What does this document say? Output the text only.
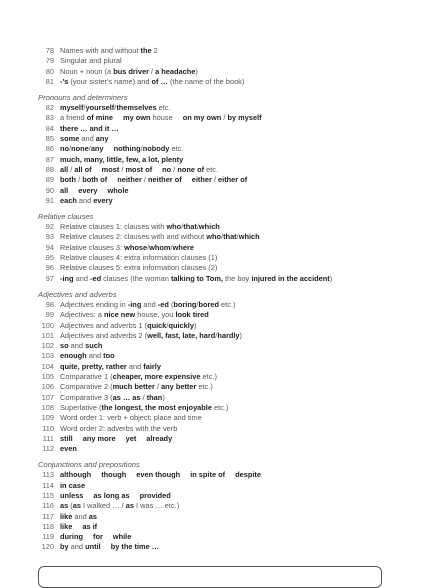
78 Names with and without the 2
79 Singular and plural
80 Noun + noun (a bus driver / a headache)
81 -'s (your sister's name) and of … (the name of the book)
Pronouns and determiners
82 myself/yourself/themselves etc.
83 a friend of mine my own house on my own / by myself
84 there … and it …
85 some and any
86 no/none/any nothing/nobody etc.
87 much, many, little, few, a lot, plenty
88 all / all of most / most of no / none of etc.
89 both / both of neither / neither of either / either of
90 all every whole
91 each and every
Relative clauses
92 Relative clauses 1: clauses with who/that/which
93 Relative clauses 2: clauses with and without who/that/which
94 Relative clauses 3: whose/whom/where
95 Relative clauses 4: extra information clauses (1)
96 Relative clauses 5: extra information clauses (2)
97 -ing and -ed clauses (the woman talking to Tom, the boy injured in the accident)
Adjectives and adverbs
98 Adjectives ending in -ing and -ed (boring/bored etc.)
99 Adjectives: a nice new house, you look tired
100 Adjectives and adverbs 1 (quick/quickly)
101 Adjectives and adverbs 2 (well, fast, late, hard/hardly)
102 so and such
103 enough and too
104 quite, pretty, rather and fairly
105 Comparative 1 (cheaper, more expensive etc.)
106 Comparative 2 (much better / any better etc.)
107 Comparative 3 (as … as / than)
108 Superlative (the longest, the most enjoyable etc.)
109 Word order 1: verb + object; place and time
110 Word order 2: adverbs with the verb
111 still any more yet already
112 even
Conjunctions and prepositions
113 although though even though in spite of despite
114 in case
115 unless as long as provided
116 as (as I walked … / as I was … etc.)
117 like and as
118 like as if
119 during for while
120 by and until by the time …
